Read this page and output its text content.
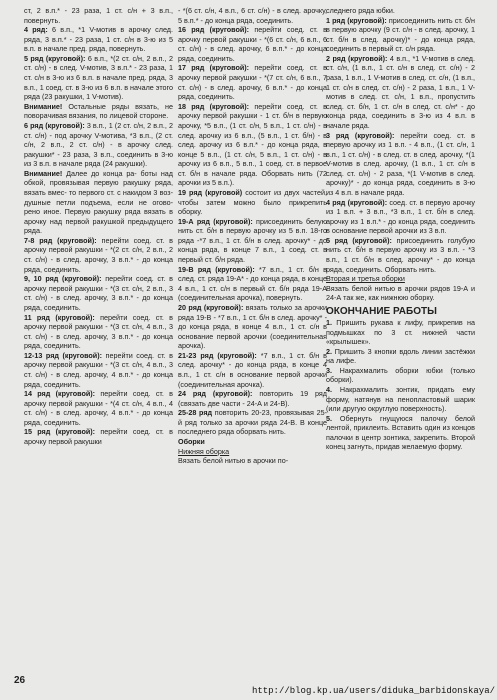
ст, 2 в.п.* - 23 раза, 1 ст. с/н + 3 в.п., повернуть.

4 ряд: 6 в.п., *1 V-мотив в арочку след. ряда, 3 в.п.* - 23 раза, 1 ст. с/н в 3-ю из 5 в.п. в начале пред. ряда, повернуть.

5 ряд (круговой): 6 в.п., *(2 ст. с/н, 2 в.п., 2 ст. с/н) - в след. V-мотив, 3 в.п.* - 23 раза, 1 ст. с/н в 3-ю из 6 в.п. в начале пред. ряда, 3 в.п., 1 соед. ст. в 3-ю из 6 в.п. в начале этого ряда (23 ракушки, 1 V-мотив).

Внимание! Остальные ряды вязать, не поворачивая вязания, по лицевой стороне.

6 ряд (круговой): 3 в.п., 1 (2 ст. с/н, 2 в.п., 2 ст. с/н) - под арочку V-мотива, *3 в.п., (2 ст. с/н, 2 в.п., 2 ст. с/н) - в арочку след. ракушки* - 23 раза, 3 в.п., соединить в 3-ю из 3 в.п. в начале ряда (24 ракушки).

Внимание! Далее до конца ра- боты над обкой, провязывая первую ракушку ряда, вязать вмес- то первого ст. с накидом 3 воз- душные петли подъема, если не огово- рено иное. Первую ракушку ряда вязать в арочку над первой ракушкой предыдущего ряда.

7-8 ряд (круговой): перейти соед. ст. в арочку первой ракушки - *(2 ст. с/н, 2 в.п., 2 ст. с/н) - в след. арочку, 3 в.п.* - до конца ряда, соединить.

9, 10 ряд (круговой): перейти соед. ст. в арочку первой ракушки - *(3 ст. с/н, 2 в.п., 3 ст. с/н) - в след. арочку, 3 в.п.* - до конца ряда, соединить.

11 ряд (круговой): перейти соед. ст. в арочку первой ракушки - *(3 ст. с/н, 4 в.п., 3 ст. с/н) - в след. арочку, 3 в.п.* - до конца ряда, соединить.

12-13 ряд (круговой): перейти соед. ст. в арочку первой ракушки - *(3 ст. с/н, 4 в.п., 3 ст. с/н) - в след. арочку, 4 в.п.* - до конца ряда, соединить.

14 ряд (круговой): перейти соед. ст. в арочку первой ракушки - *(4 ст. с/н, 4 в.п., 4 ст. с/н) - в след. арочку, 4 в.п.* - до конца ряда, соединить.

15 ряд (круговой): перейти соед. ст. в арочку первой ракушки

- *(6 ст. с/н, 4 в.п., 6 ст. с/н) - в след. арочку, 5 в.п.* - до конца ряда, соединить.

16 ряд (круговой): перейти соед. ст. в арочку первой ракушки - *(6 ст. с/н, 6 в.п., 6 ст. с/н) - в след. арочку, 6 в.п.* - до конца ряда, соединить.

17 ряд (круговой): перейти соед. ст. в арочку первой ракушки - *(7 ст. с/н, 6 в.п., 7 ст. с/н) - в след. арочку, 6 в.п.* - до конца ряда, соединить.

18 ряд (круговой): перейти соед. ст. в арочку первой ракушки - 1 ст. б/н в первую арочку, *5 в.п., (1 ст. с/н, 5 в.п., 1 ст. с/н) - в след. арочку из 6 в.п., (5 в.п., 1 ст. б/н) - в след. арочку из 6 в.п.* - до конца ряда, в конце 5 в.п., (1 ст. с/н, 5 в.п., 1 ст. с/н) - в арочку из 6 в.п., 5 в.п., 1 соед. ст. в первое ст. б/н в начале ряда. Оборвать нить (72 арочки из 5 в.п.).

19 ряд (круговой) состоит из двух частей, чтобы затем можно было прикрепить оборку.

19-А ряд (круговой): присоединить белую нить ст. б/н в первую арочку из 5 в.п. 18-го ряда -*7 в.п., 1 ст. б/н в след. арочку* - до конца ряда, в конце 7 в.п., 1 соед. ст. в первый ст. б/н ряда.

19-В ряд (круговой): *7 в.п., 1 ст. б/н в след. ст. ряда 19-А* - до конца ряда, в конце 4 в.п., 1 ст. с/н в первый ст. б/н ряда 19-А (соединительная арочка), повернуть.

20 ряд (круговой): вязать только за арочки ряда 19-В - *7 в.п., 1 ст. б/н в след. арочку* - до конца ряда, в конце 4 в.п., 1 ст. с/н в основание первой арочки (соединительная арочка).

21-23 ряд (круговой): *7 в.п., 1 ст. б/н в след. арочку* - до конца ряда, в конце 4 в.п., 1 ст. с/н в основание первой арочки (соединительная арочка).

24 ряд (круговой): повторить 19 ряд (связать две части - 24-А и 24-В).

25-28 ряд повторить 20-23, провязывая 25-й ряд только за арочки ряда 24-В. В конце последнего ряда оборвать нить.

Оборки

Нижняя оборка

Вязать белой нитью в арочки по-

следнего ряда юбки.

1 ряд (круговой): присоединить нить ст. б/н в первую арочку (9 ст. с/н - в след. арочку, 1 ст. б/н в след. арочку)* - до конца ряда, соединить в первый ст. с/н ряда.

2 ряд (круговой): 4 в.п., *1 V-мотив в след. ст. с/н, (1 в.п., 1 ст. с/н в след. ст. с/н) - 2 раза, 1 в.п., 1 V-мотив в след. ст. с/н, (1 в.п., 1 ст. с/н в след. ст. с/н) - 2 раза, 1 в.п., 1 V-мотив в след. ст. с/н, 1 в.п., пропустить след. ст. б/н, 1 ст. с/н в след. ст. с/н* - до конца ряда, соединить в 3-ю из 4 в.п. в начале ряда.

3 ряд (круговой): перейти соед. ст. в первую арочку из 1 в.п. - 4 в.п., (1 ст. с/н, 1 в.п., 1 ст. с/н) - в след. ст. в след. арочку, *(1 V-мотив в след. арочку, (1 в.п., 1 ст. с/н в след. ст. с/н) - 2 раза, *(1 V-мотив в след. арочку)* - до конца ряда, соединить в 3-ю из 4 в.п. в начале ряда.

4 ряд (круговой): соед. ст. в первую арочку из 1 в.п. + 3 в.п., *3 в.п., 1 ст. б/н в след. арочку из 1 в.п.* - до конца ряда, соединить в основание первой арочки из 3 в.п.

5 ряд (круговой): присоединить голубую нить ст. б/н в первую арочку из 3 в.п. - *3 в.п., 1 ст. б/н в след. арочку* - до конца ряда, соединить. Оборвать нить.

Вторая и третья оборки

Вязать белой нитью в арочки рядов 19-А и 24-А так же, как нижнюю оборку.

ОКОНЧАНИЕ РАБОТЫ

1. Пришить рукава к лифу, прикрепив на подмышках по 3 ст. нижней части «крылышек».

2. Пришить 3 кнопки вдоль линии застёжки на лифе.

3. Накрахмалить оборки юбки (только оборки).

4. Накрахмалить зонтик, придать ему форму, натянув на пенопластовый шарик (или другую округлую поверхность).

5. Обернуть гнущуюся палочку белой лентой, приклеить. Вставить один из концов палочки в центр зонтика, закрепить. Второй конец загнуть, придав желаемую форму.

26
http://blog.kp.ua/users/diduka_barbidonskaya/
